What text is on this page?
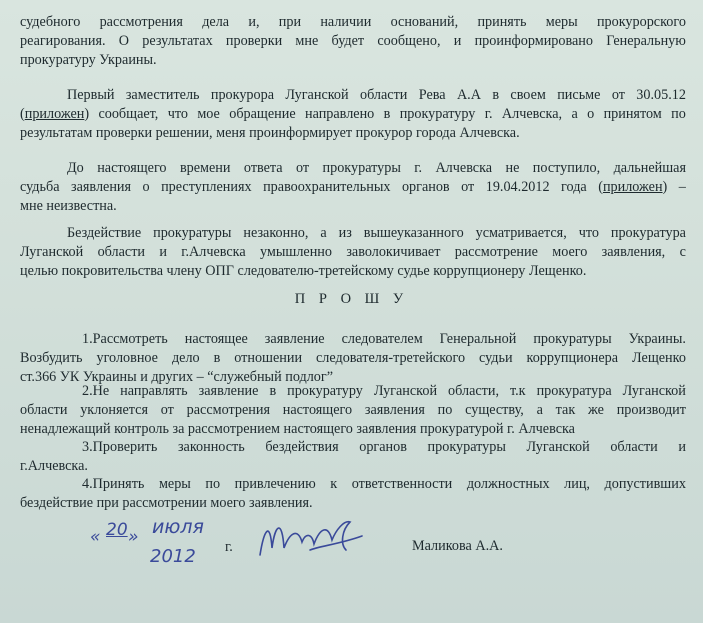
судебного рассмотрения дела и, при наличии оснований, принять меры прокурорского
реагирования. О результатах проверки мне будет сообщено, и проинформировано Генеральную
прокуратуру Украины.
Первый заместитель прокурора Луганской области Рева А.А в своем письме от 30.05.12
(приложен) сообщает, что мое обращение направлено в прокуратуру г. Алчевска, а о принятом по
результатам проверки решении, меня проинформирует прокурор города Алчевска.
До настоящего времени ответа от прокуратуры г. Алчевска не поступило, дальнейшая
судьба заявления о преступлениях правоохранительных органов от 19.04.2012 года (приложен) –
мне неизвестна.
Бездействие прокуратуры незаконно, а из вышеуказанного усматривается, что прокуратура
Луганской области и г.Алчевска умышленно заволокичивает рассмотрение моего заявления, с
целью покровительства члену ОПГ следователю-третейскому судье коррупционеру Лещенко.
П Р О Ш У
1.Рассмотреть настоящее заявление следователем Генеральной прокуратуры Украины.
Возбудить уголовное дело в отношении следователя-третейского судьи коррупционера Лещенко
ст.366 УК Украины и других – “служебный подлог”
2.Не направлять заявление в прокуратуру Луганской области, т.к прокуратура Луганской
области уклоняется от рассмотрения настоящего заявления по существу, а так же производит
ненадлежащий контроль за рассмотрением настоящего заявления прокуратурой г. Алчевска
3.Проверить законность бездействия органов прокуратуры Луганской области и
г.Алчевска.
4.Принять меры по привлечению к ответственности должностных лиц, допустивших
бездействие при рассмотрении моего заявления.
« 20 » июля
2012 г.	Маликова А.А.
